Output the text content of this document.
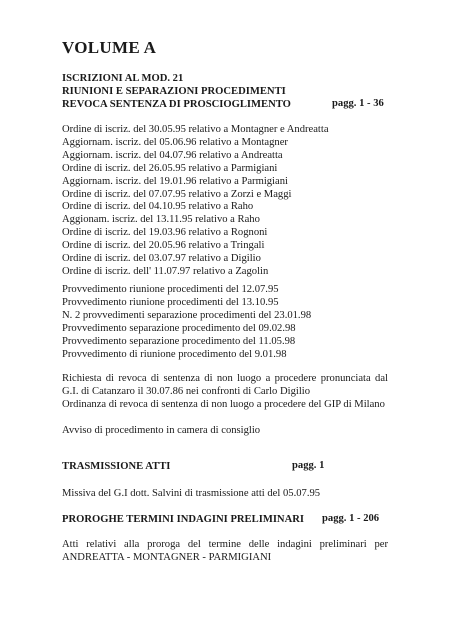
VOLUME A
ISCRIZIONI AL MOD. 21
RIUNIONI E SEPARAZIONI PROCEDIMENTI
REVOCA SENTENZA DI PROSCIOGLIMENTO	pagg. 1 - 36
Ordine di iscriz. del 30.05.95 relativo a Montagner e Andreatta
Aggiornam. iscriz. del 05.06.96 relativo a Montagner
Aggiornam. iscriz. del 04.07.96 relativo a Andreatta
Ordine di iscriz. del 26.05.95 relativo a Parmigiani
Aggiornam. iscriz. del 19.01.96 relativo a Parmigiani
Ordine di iscriz. del 07.07.95 relativo a Zorzi e Maggi
Ordine di iscriz. del 04.10.95 relativo a Raho
Aggionam. iscriz. del 13.11.95 relativo a Raho
Ordine di iscriz. del 19.03.96 relativo a Rognoni
Ordine di iscriz. del 20.05.96 relativo a Tringali
Ordine di iscriz. del 03.07.97 relativo a Digilio
Ordine di iscriz. dell' 11.07.97 relativo a Zagolin
Provvedimento riunione procedimenti del 12.07.95
Provvedimento riunione procedimenti del 13.10.95
N. 2 provvedimenti separazione procedimenti del 23.01.98
Provvedimento separazione procedimento del 09.02.98
Provvedimento separazione procedimento del 11.05.98
Provvedimento di riunione procedimento del 9.01.98
Richiesta di revoca di sentenza di non luogo a procedere pronunciata dal G.I. di Catanzaro il 30.07.86 nei confronti di Carlo Digilio
Ordinanza di revoca di sentenza di non luogo a procedere del GIP di Milano
Avviso di procedimento in camera di consiglio
TRASMISSIONE ATTI	pagg. 1
Missiva del G.I dott. Salvini di trasmissione atti del 05.07.95
PROROGHE TERMINI INDAGINI PRELIMINARI pagg. 1 - 206
Atti relativi alla proroga del termine delle indagini preliminari per ANDREATTA - MONTAGNER - PARMIGIANI
